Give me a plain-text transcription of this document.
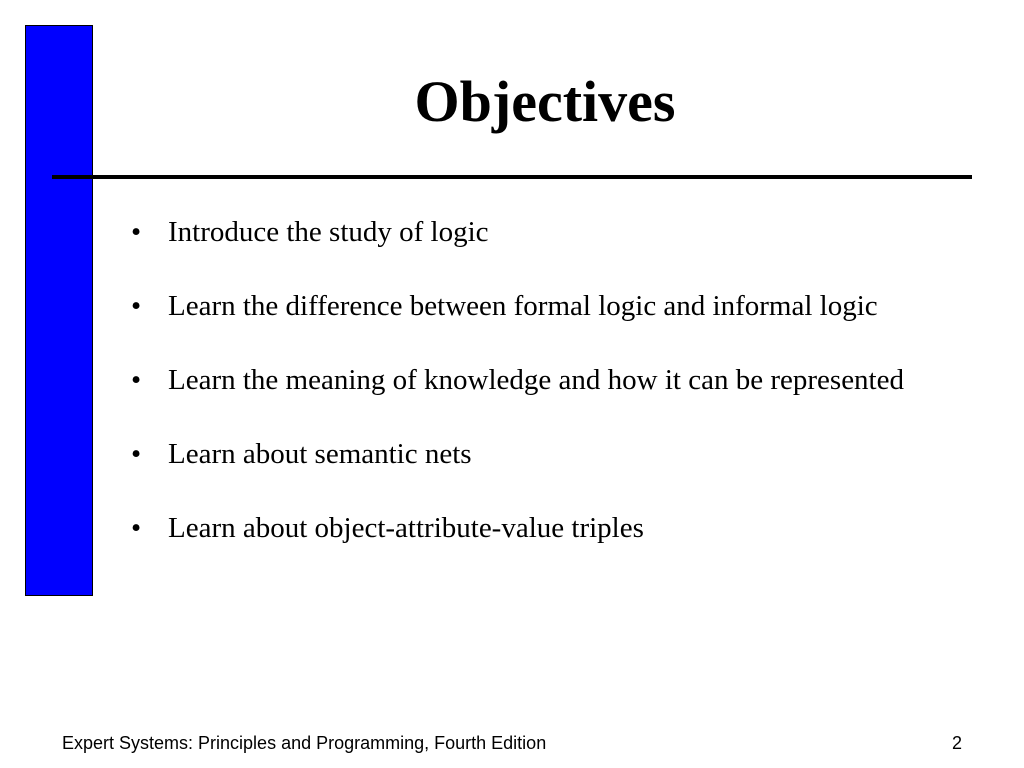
Objectives
• Introduce the study of logic
• Learn the difference between formal logic and informal logic
• Learn the meaning of knowledge and how it can be represented
• Learn about semantic nets
• Learn about object-attribute-value triples
Expert Systems: Principles and Programming, Fourth Edition	2
